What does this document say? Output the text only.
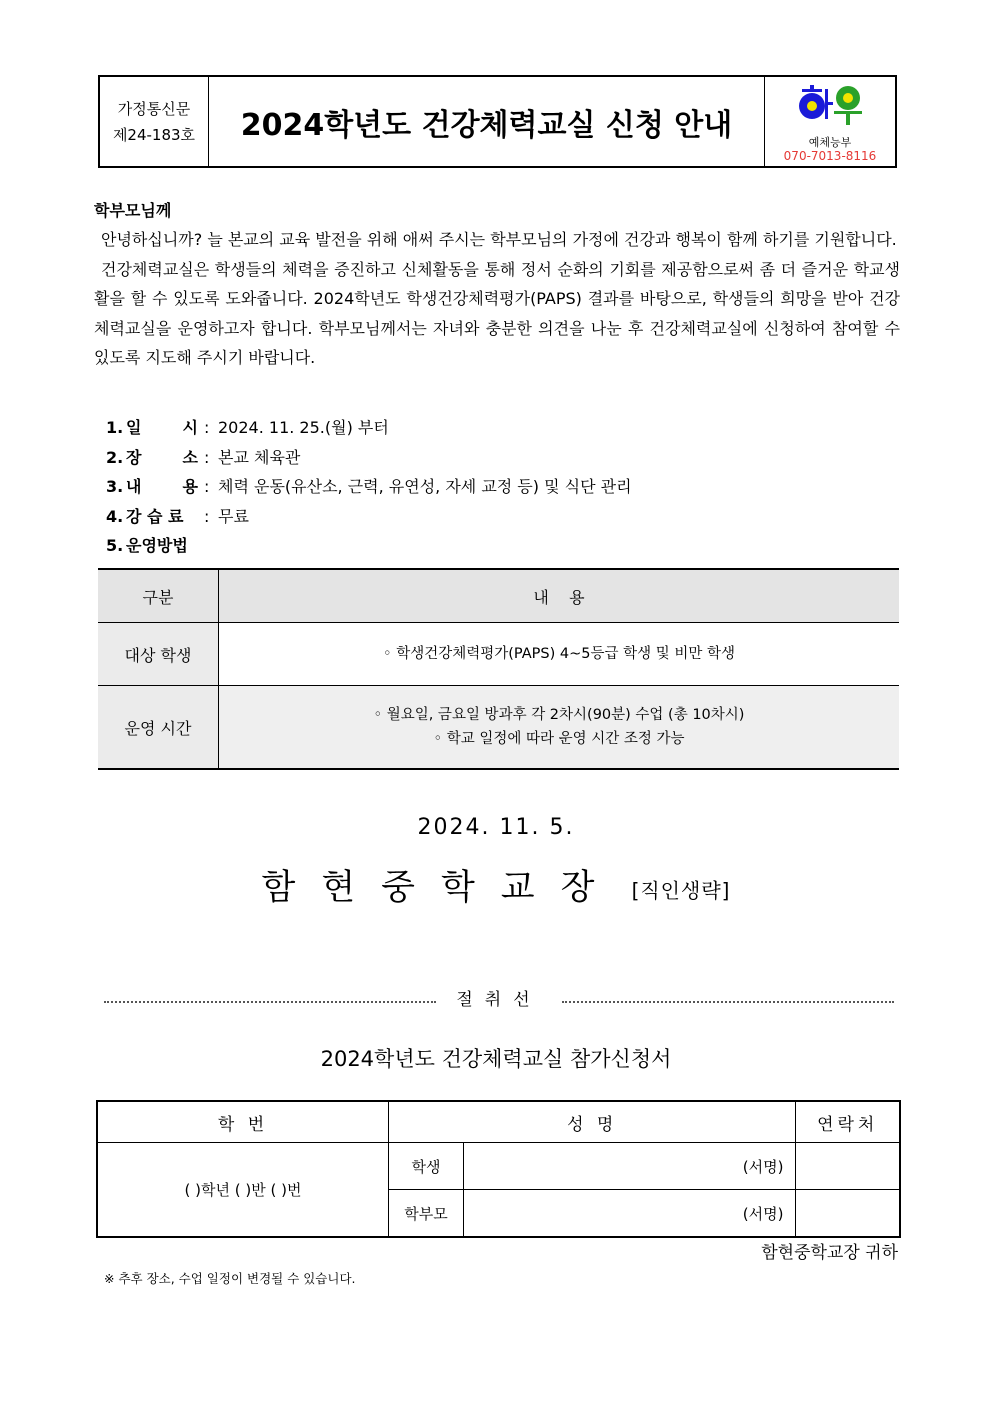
가정통신문
제24-183호	2024학년도 건강체력교실 신청 안내	예체능부
070-7013-8116
학부모님께

안녕하십니까? 늘 본교의 교육 발전을 위해 애써 주시는 학부모님의 가정에 건강과 행복이 함께 하기를 기원합니다.

건강체력교실은 학생들의 체력을 증진하고 신체활동을 통해 정서 순화의 기회를 제공함으로써 좀 더 즐거운 학교생활을 할 수 있도록 도와줍니다. 2024학년도 학생건강체력평가(PAPS) 결과를 바탕으로, 학생들의 희망을 받아 건강체력교실을 운영하고자 합니다. 학부모님께서는 자녀와 충분한 의견을 나눈 후 건강체력교실에 신청하여 참여할 수 있도록 지도해 주시기 바랍니다.

1. 일	시 : 2024. 11. 25.(월) 부터
2. 장	소 : 본교 체육관
3. 내	용 : 체력 운동(유산소, 근력, 유연성, 자세 교정 등) 및 식단 관리
4. 강 습 료 : 무료
5. 운영방법
구분	내    용
대상 학생	◦ 학생건강체력평가(PAPS) 4~5등급 학생 및 비만 학생
운영 시간	◦ 월요일, 금요일 방과후 각 2차시(90분) 수업 (총 10차시)
◦ 학교 일정에 따라 운영 시간 조정 가능
2024. 11. 5.
함현중학교장 [직인생략]
절취선
2024학년도 건강체력교실 참가신청서
학 번	성 명		연락처
( )학년 ( )반 ( )번	학생	(서명)	
	학부모	(서명)	
함현중학교장 귀하
※ 추후 장소, 수업 일정이 변경될 수 있습니다.
